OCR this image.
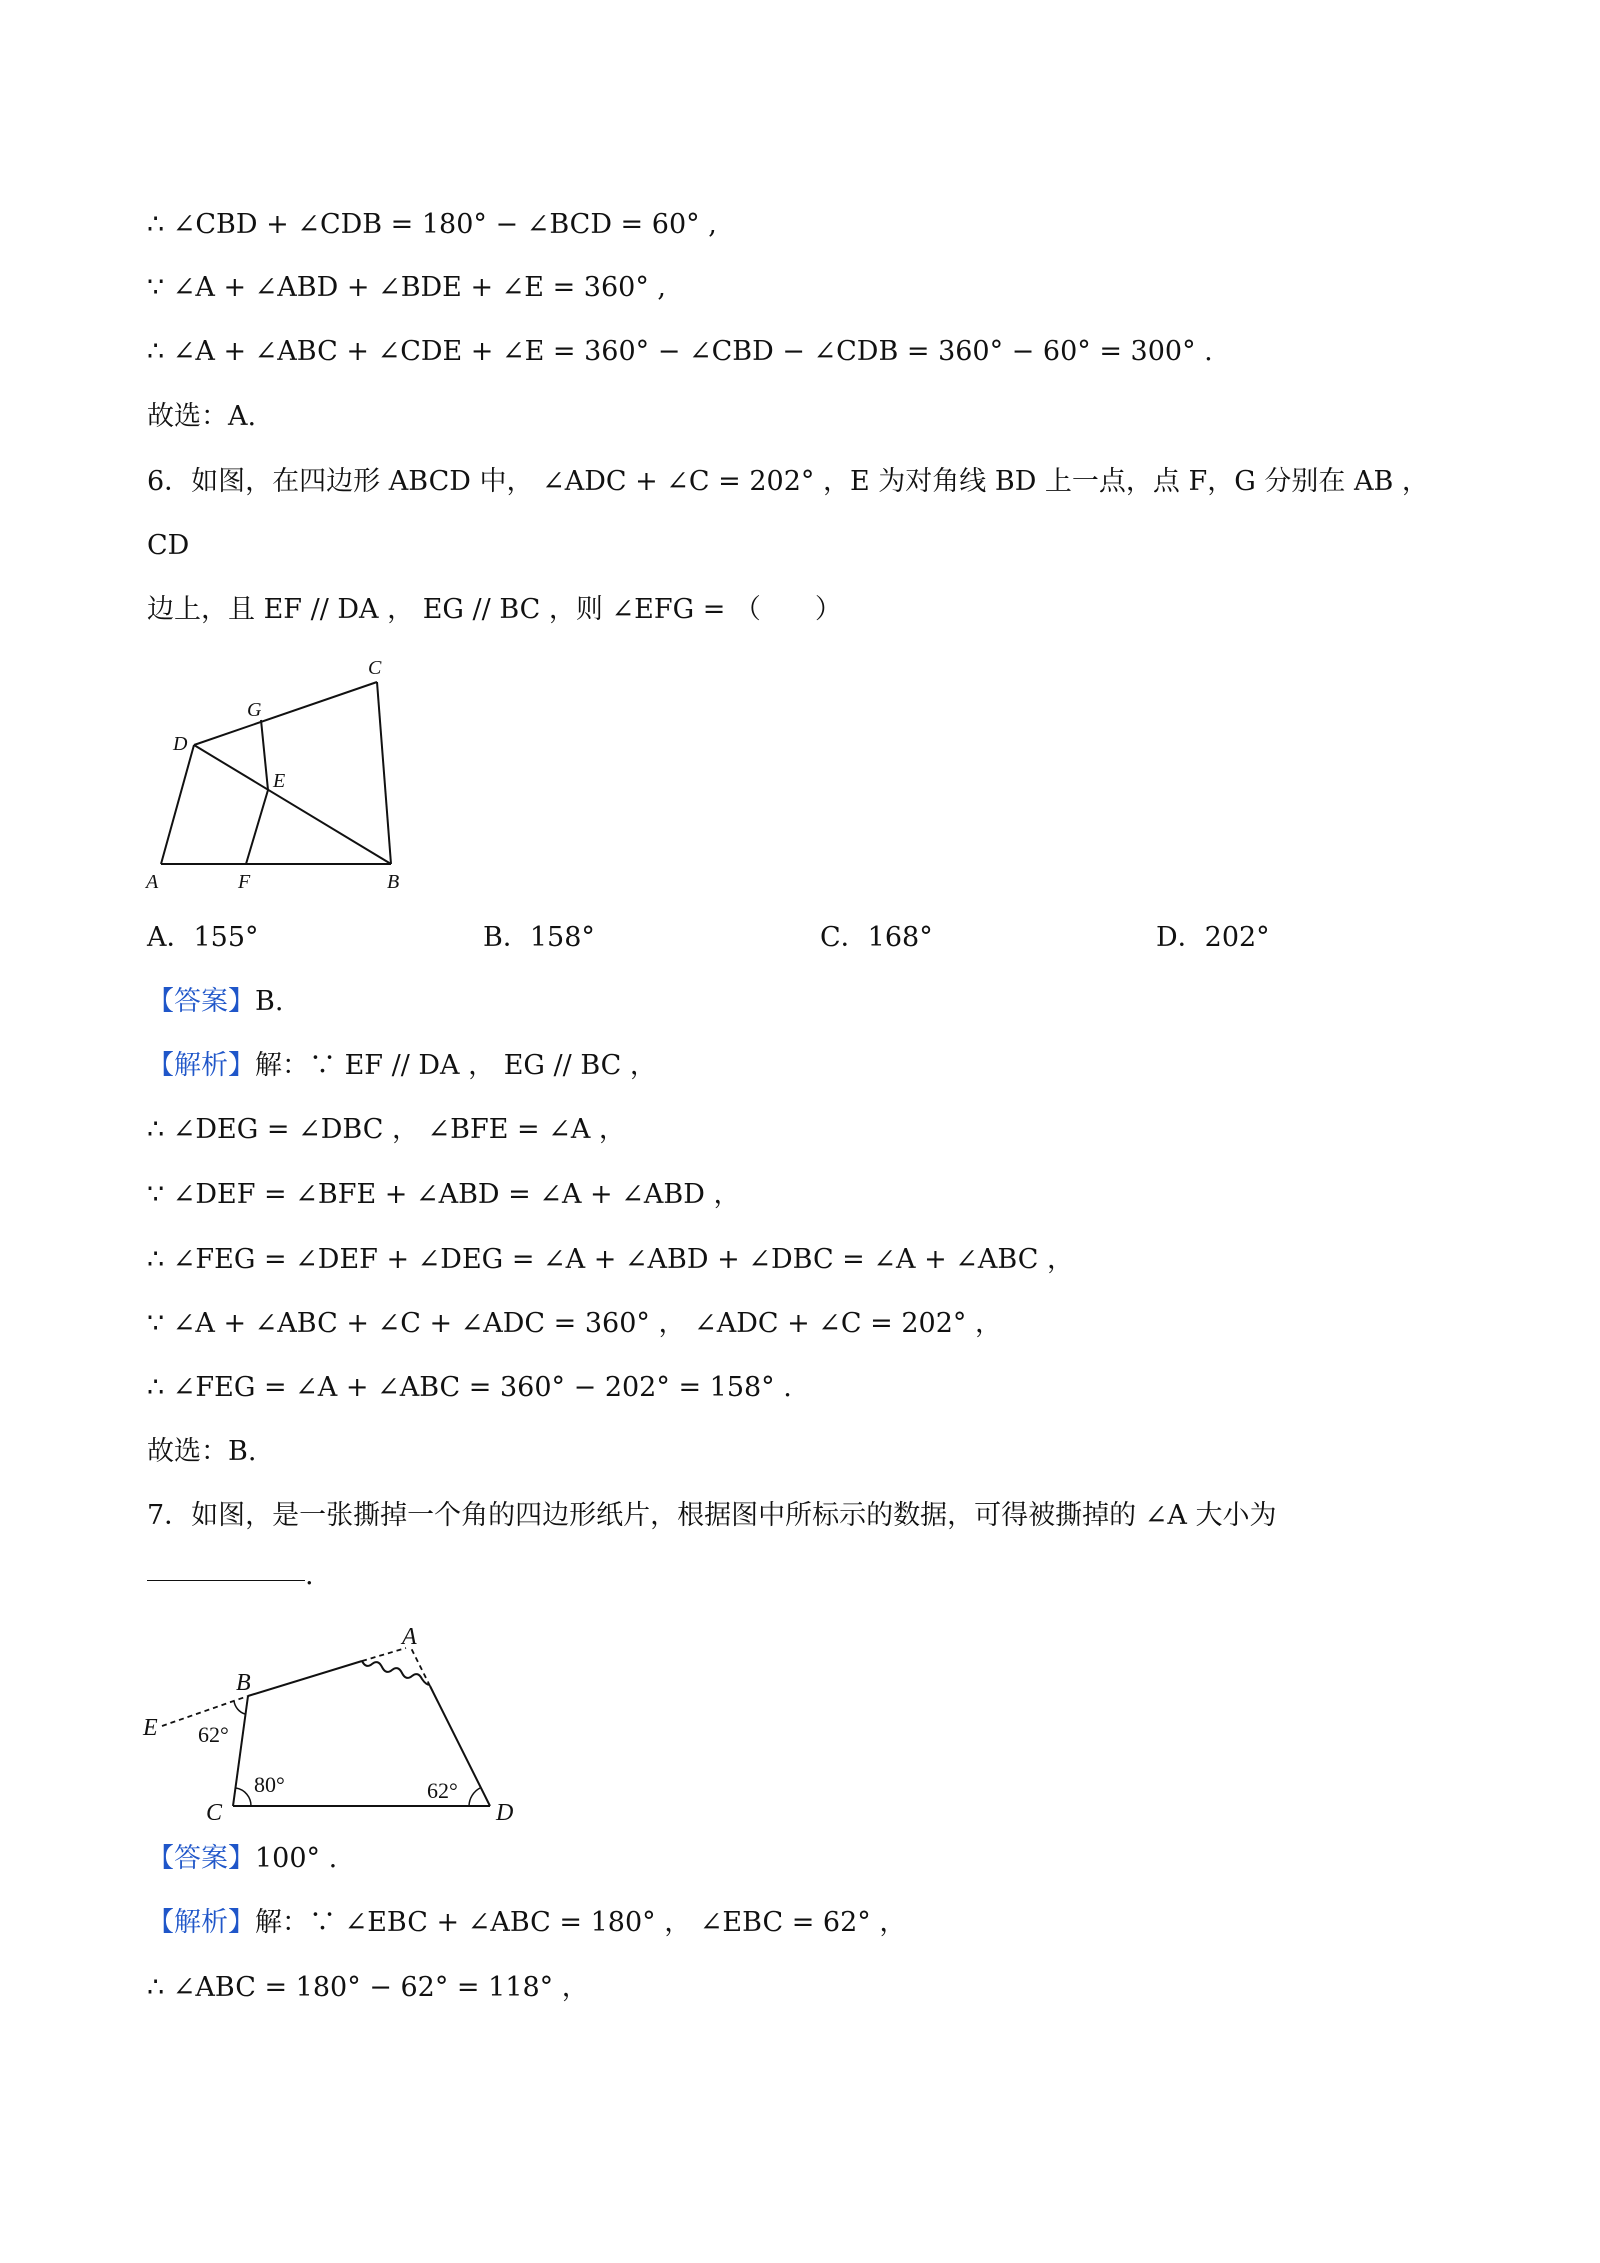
∴ ∠CBD + ∠CDB = 180° − ∠BCD = 60° ,
∵ ∠A + ∠ABD + ∠BDE + ∠E = 360° ,
∴ ∠A + ∠ABC + ∠CDE + ∠E = 360° − ∠CBD − ∠CDB = 360° − 60° = 300° .
故选：A.
6．如图，在四边形 ABCD 中， ∠ADC + ∠C = 202° ，E 为对角线 BD 上一点，点 F，G 分别在 AB ，
CD
边上，且 EF // DA ， EG // BC ，则 ∠EFG = （　　）
A	F	B
D
G
C
E
A．155°	B．158°	C．168°	D．202°
【答案】B.
【解析】解：∵ EF // DA ， EG // BC ，
∴ ∠DEG = ∠DBC ， ∠BFE = ∠A ，
∵ ∠DEF = ∠BFE + ∠ABD = ∠A + ∠ABD ，
∴ ∠FEG = ∠DEF + ∠DEG = ∠A + ∠ABD + ∠DBC = ∠A + ∠ABC ，
∵ ∠A + ∠ABC + ∠C + ∠ADC = 360° ， ∠ADC + ∠C = 202° ，
∴ ∠FEG = ∠A + ∠ABC = 360° − 202° = 158° .
故选：B.
7．如图，是一张撕掉一个角的四边形纸片，根据图中所标示的数据，可得被撕掉的 ∠A 大小为
.
A
B
E
C	D
62°
80°	62°
【答案】100° .
【解析】解：∵ ∠EBC + ∠ABC = 180° ， ∠EBC = 62° ，
∴ ∠ABC = 180° − 62° = 118° ，
